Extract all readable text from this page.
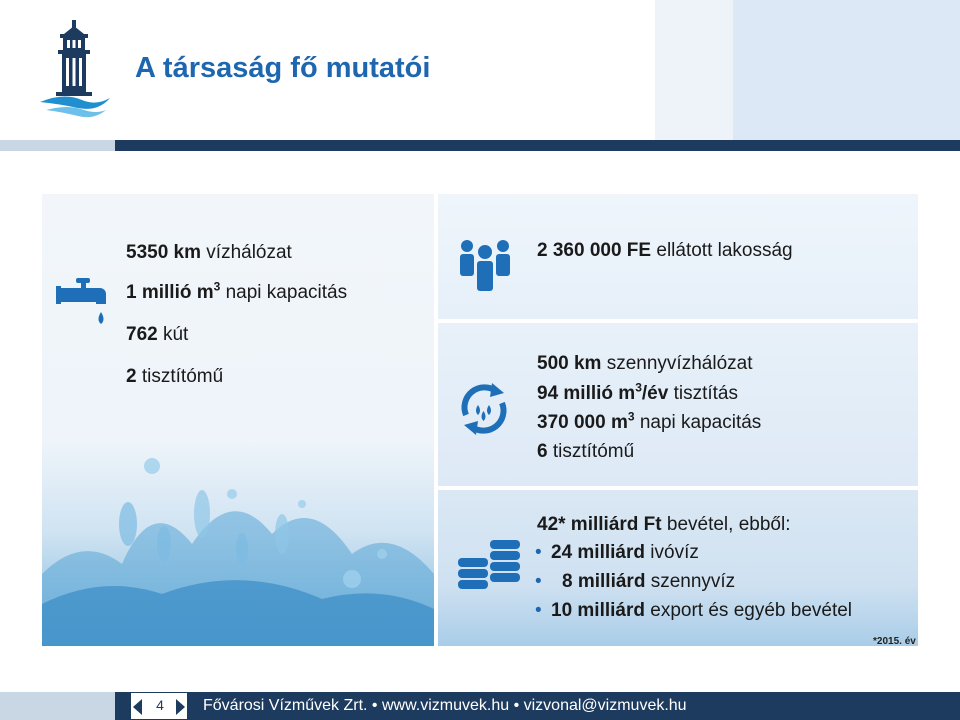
A társaság fő mutatói
5350 km vízhálózat
1 millió $m^3$ napi kapacitás
762 kút
2 tisztítómű
2 360 000 FE ellátott lakosság
500 km szennyvízhálózat
94 millió $m^3/év$ tisztítás
370 000 $m^3$ napi kapacitás
6 tisztítómű
42* milliárd Ft bevétel, ebből:
• 24 milliárd ivóvíz
• 8 milliárd szennyvíz
• 10 milliárd export és egyéb bevétel
*2015. év
4	Fővárosi Vízművek Zrt. • www.vizmuvek.hu • vizvonal@vizmuvek.hu
